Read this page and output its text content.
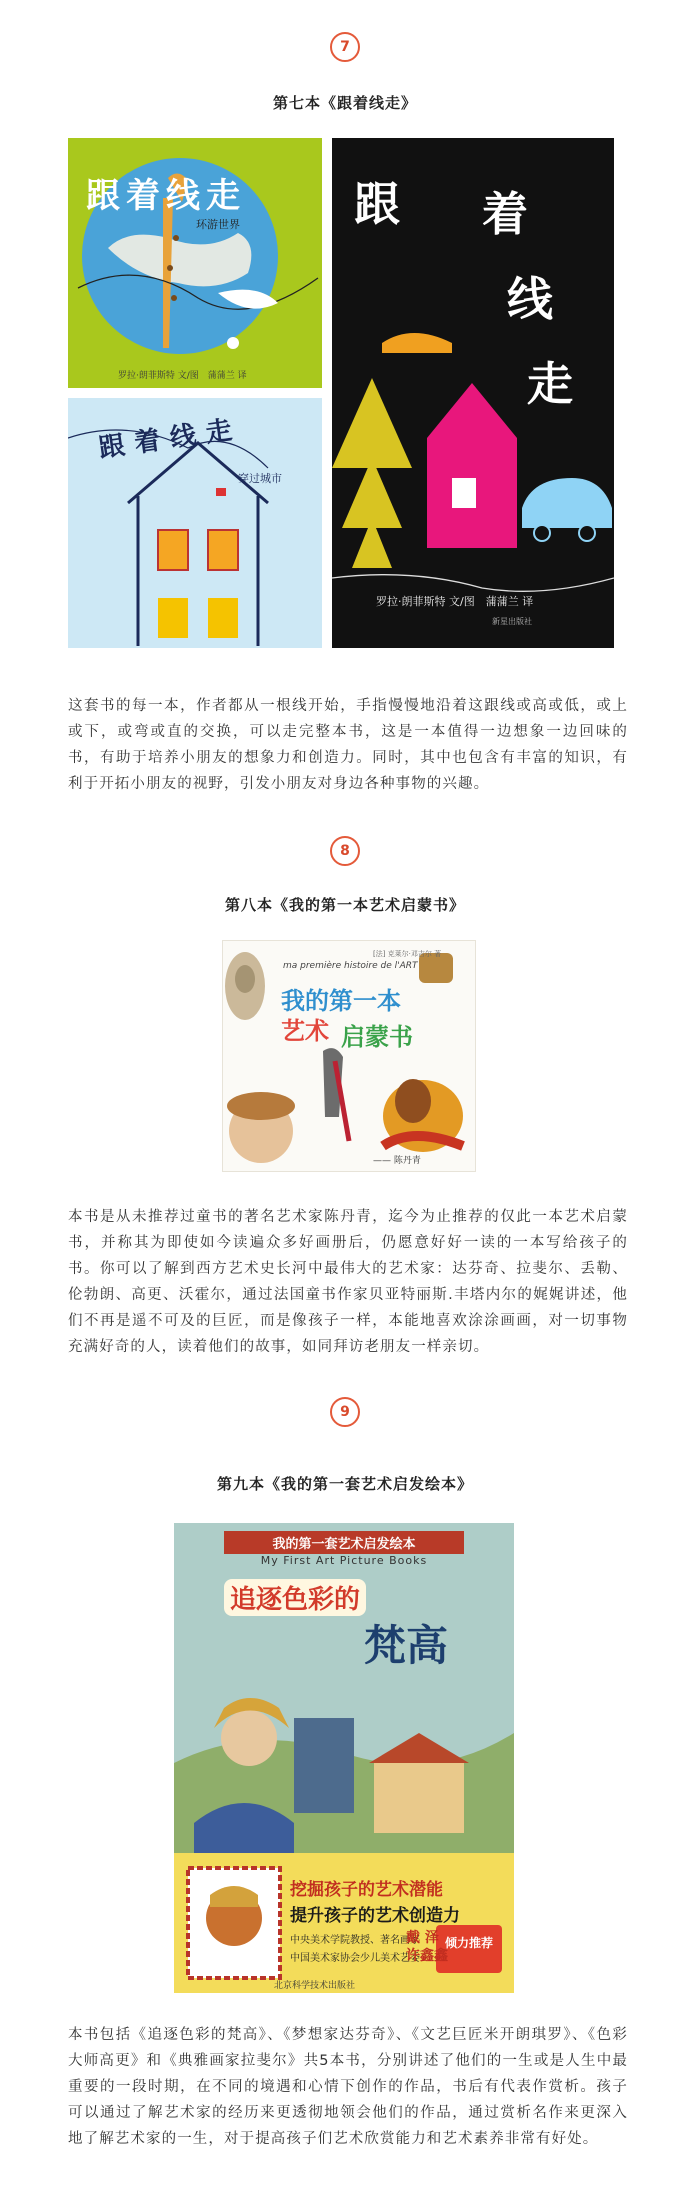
7
第七本《跟着线走》
跟着线走
环游世界
罗拉·朗菲斯特 文/图　蒲蒲兰 译
跟着线走
穿过城市
跟 着
线
走
罗拉·朗菲斯特 文/图　蒲蒲兰 译
新星出版社
这套书的每一本，作者都从一根线开始，手指慢慢地沿着这跟线或高或低，或上或下，或弯或直的交换，可以走完整本书，这是一本值得一边想象一边回味的书，有助于培养小朋友的想象力和创造力。同时，其中也包含有丰富的知识，有利于开拓小朋友的视野，引发小朋友对身边各种事物的兴趣。
8
第八本《我的第一本艺术启蒙书》
ma première histoire de l'ART
我的第一本
艺术 启蒙书
[法] 克莱尔·邓吉尔 著
—— 陈丹青
本书是从未推荐过童书的著名艺术家陈丹青，迄今为止推荐的仅此一本艺术启蒙书，并称其为即使如今读遍众多好画册后，仍愿意好好一读的一本写给孩子的书。你可以了解到西方艺术史长河中最伟大的艺术家：达芬奇、拉斐尔、丢勒、伦勃朗、高更、沃霍尔，通过法国童书作家贝亚特丽斯.丰塔内尔的娓娓讲述，他们不再是遥不可及的巨匠，而是像孩子一样，本能地喜欢涂涂画画，对一切事物充满好奇的人，读着他们的故事，如同拜访老朋友一样亲切。
9
第九本《我的第一套艺术启发绘本》
我的第一套艺术启发绘本
My First Art Picture Books
追逐色彩的
梵高
挖掘孩子的艺术潜能
提升孩子的艺术创造力
中央美术学院教授、著名画家
戴 泽
中国美术家协会少儿美术艺委
许鑫鑫
倾力推荐
北京科学技术出版社
本书包括《追逐色彩的梵高》、《梦想家达芬奇》、《文艺巨匠米开朗琪罗》、《色彩大师高更》和《典雅画家拉斐尔》共5本书，分别讲述了他们的一生或是人生中最重要的一段时期，在不同的境遇和心情下创作的作品，书后有代表作赏析。孩子可以通过了解艺术家的经历来更透彻地领会他们的作品，通过赏析名作来更深入地了解艺术家的一生，对于提高孩子们艺术欣赏能力和艺术素养非常有好处。
